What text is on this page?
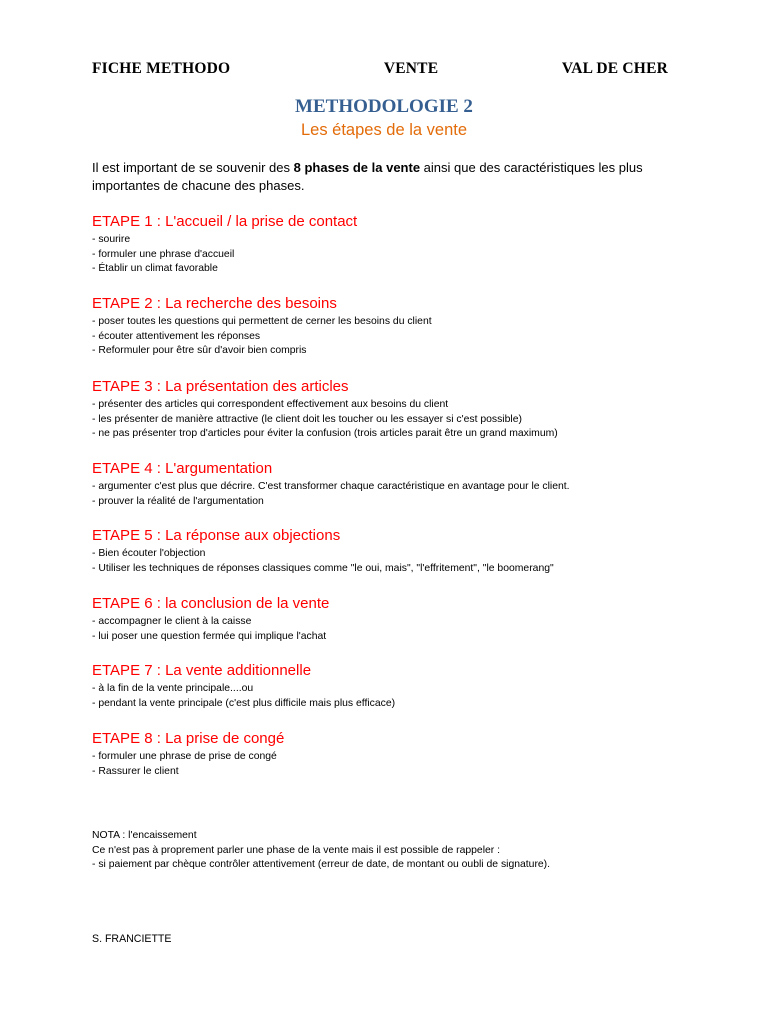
FICHE METHODO	VENTE	VAL DE CHER
METHODOLOGIE 2
Les étapes de la vente

Il est important de se souvenir des 8 phases de la vente ainsi que des caractéristiques les plus importantes de chacune des phases.

ETAPE 1 : L'accueil / la prise de contact
- sourire
- formuler une phrase d'accueil
- Établir un climat favorable
ETAPE 2 : La recherche des besoins
- poser toutes les questions qui permettent de cerner les besoins du client
- écouter attentivement les réponses
- Reformuler pour être sûr d'avoir bien compris
ETAPE 3 : La présentation des articles
- présenter des articles qui correspondent effectivement aux besoins du client
- les présenter de manière attractive (le client doit les toucher ou les essayer si c'est possible)
- ne pas présenter trop d'articles pour éviter la confusion (trois articles parait être un grand maximum)
ETAPE 4 : L'argumentation
- argumenter c'est plus que décrire. C'est transformer chaque caractéristique en avantage pour le client.
- prouver la réalité de l'argumentation
ETAPE 5 : La réponse aux objections
- Bien écouter l'objection
- Utiliser les techniques de réponses classiques comme "le oui, mais", "l'effritement", "le boomerang"
ETAPE 6 : la conclusion de la vente
- accompagner le client à la caisse
- lui poser une question fermée qui implique l'achat
ETAPE 7 : La vente additionnelle
- à la fin de la vente principale....ou
- pendant la vente principale (c'est plus difficile mais plus efficace)
ETAPE 8 : La prise de congé
- formuler une phrase de prise de congé
- Rassurer le client
NOTA : l'encaissement
Ce n'est pas à proprement parler une phase de la vente mais il est possible de rappeler :
- si paiement par chèque contrôler attentivement (erreur de date, de montant ou oubli de signature).
S. FRANCIETTE
